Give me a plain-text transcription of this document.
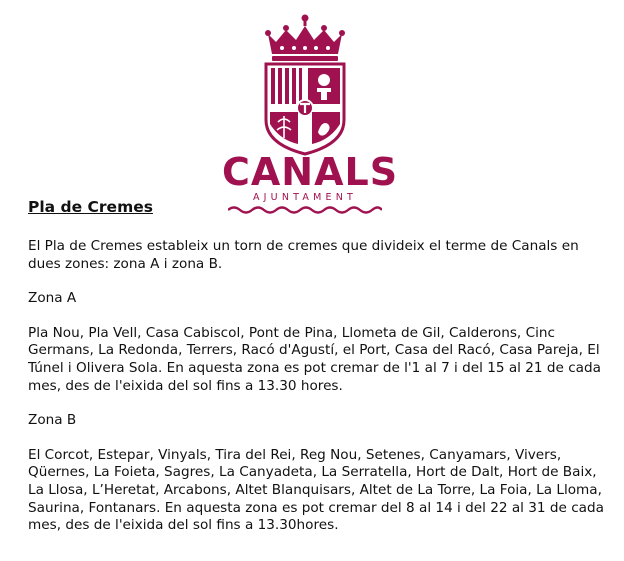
CANALS
AJUNTAMENT
Pla de Cremes

El Pla de Cremes estableix un torn de cremes que divideix el terme de Canals en dues zones: zona A i zona B.

Zona A

Pla Nou, Pla Vell, Casa Cabiscol, Pont de Pina, Llometa de Gil, Calderons, Cinc Germans, La Redonda, Terrers, Racó d'Agustí, el Port, Casa del Racó, Casa Pareja, El Túnel i Olivera Sola. En aquesta zona es pot cremar de l'1 al 7 i del 15 al 21 de cada mes, des de l'eixida del sol fins a 13.30 hores.

Zona B

El Corcot, Estepar, Vinyals, Tira del Rei, Reg Nou, Setenes, Canyamars, Vivers, Qüernes, La Foieta, Sagres, La Canyadeta, La Serratella, Hort de Dalt, Hort de Baix, La Llosa, L’Heretat, Arcabons, Altet Blanquisars, Altet de La Torre, La Foia, La Lloma, Saurina, Fontanars. En aquesta zona es pot cremar del 8 al 14 i del 22 al 31 de cada mes, des de l'eixida del sol fins a 13.30hores.
